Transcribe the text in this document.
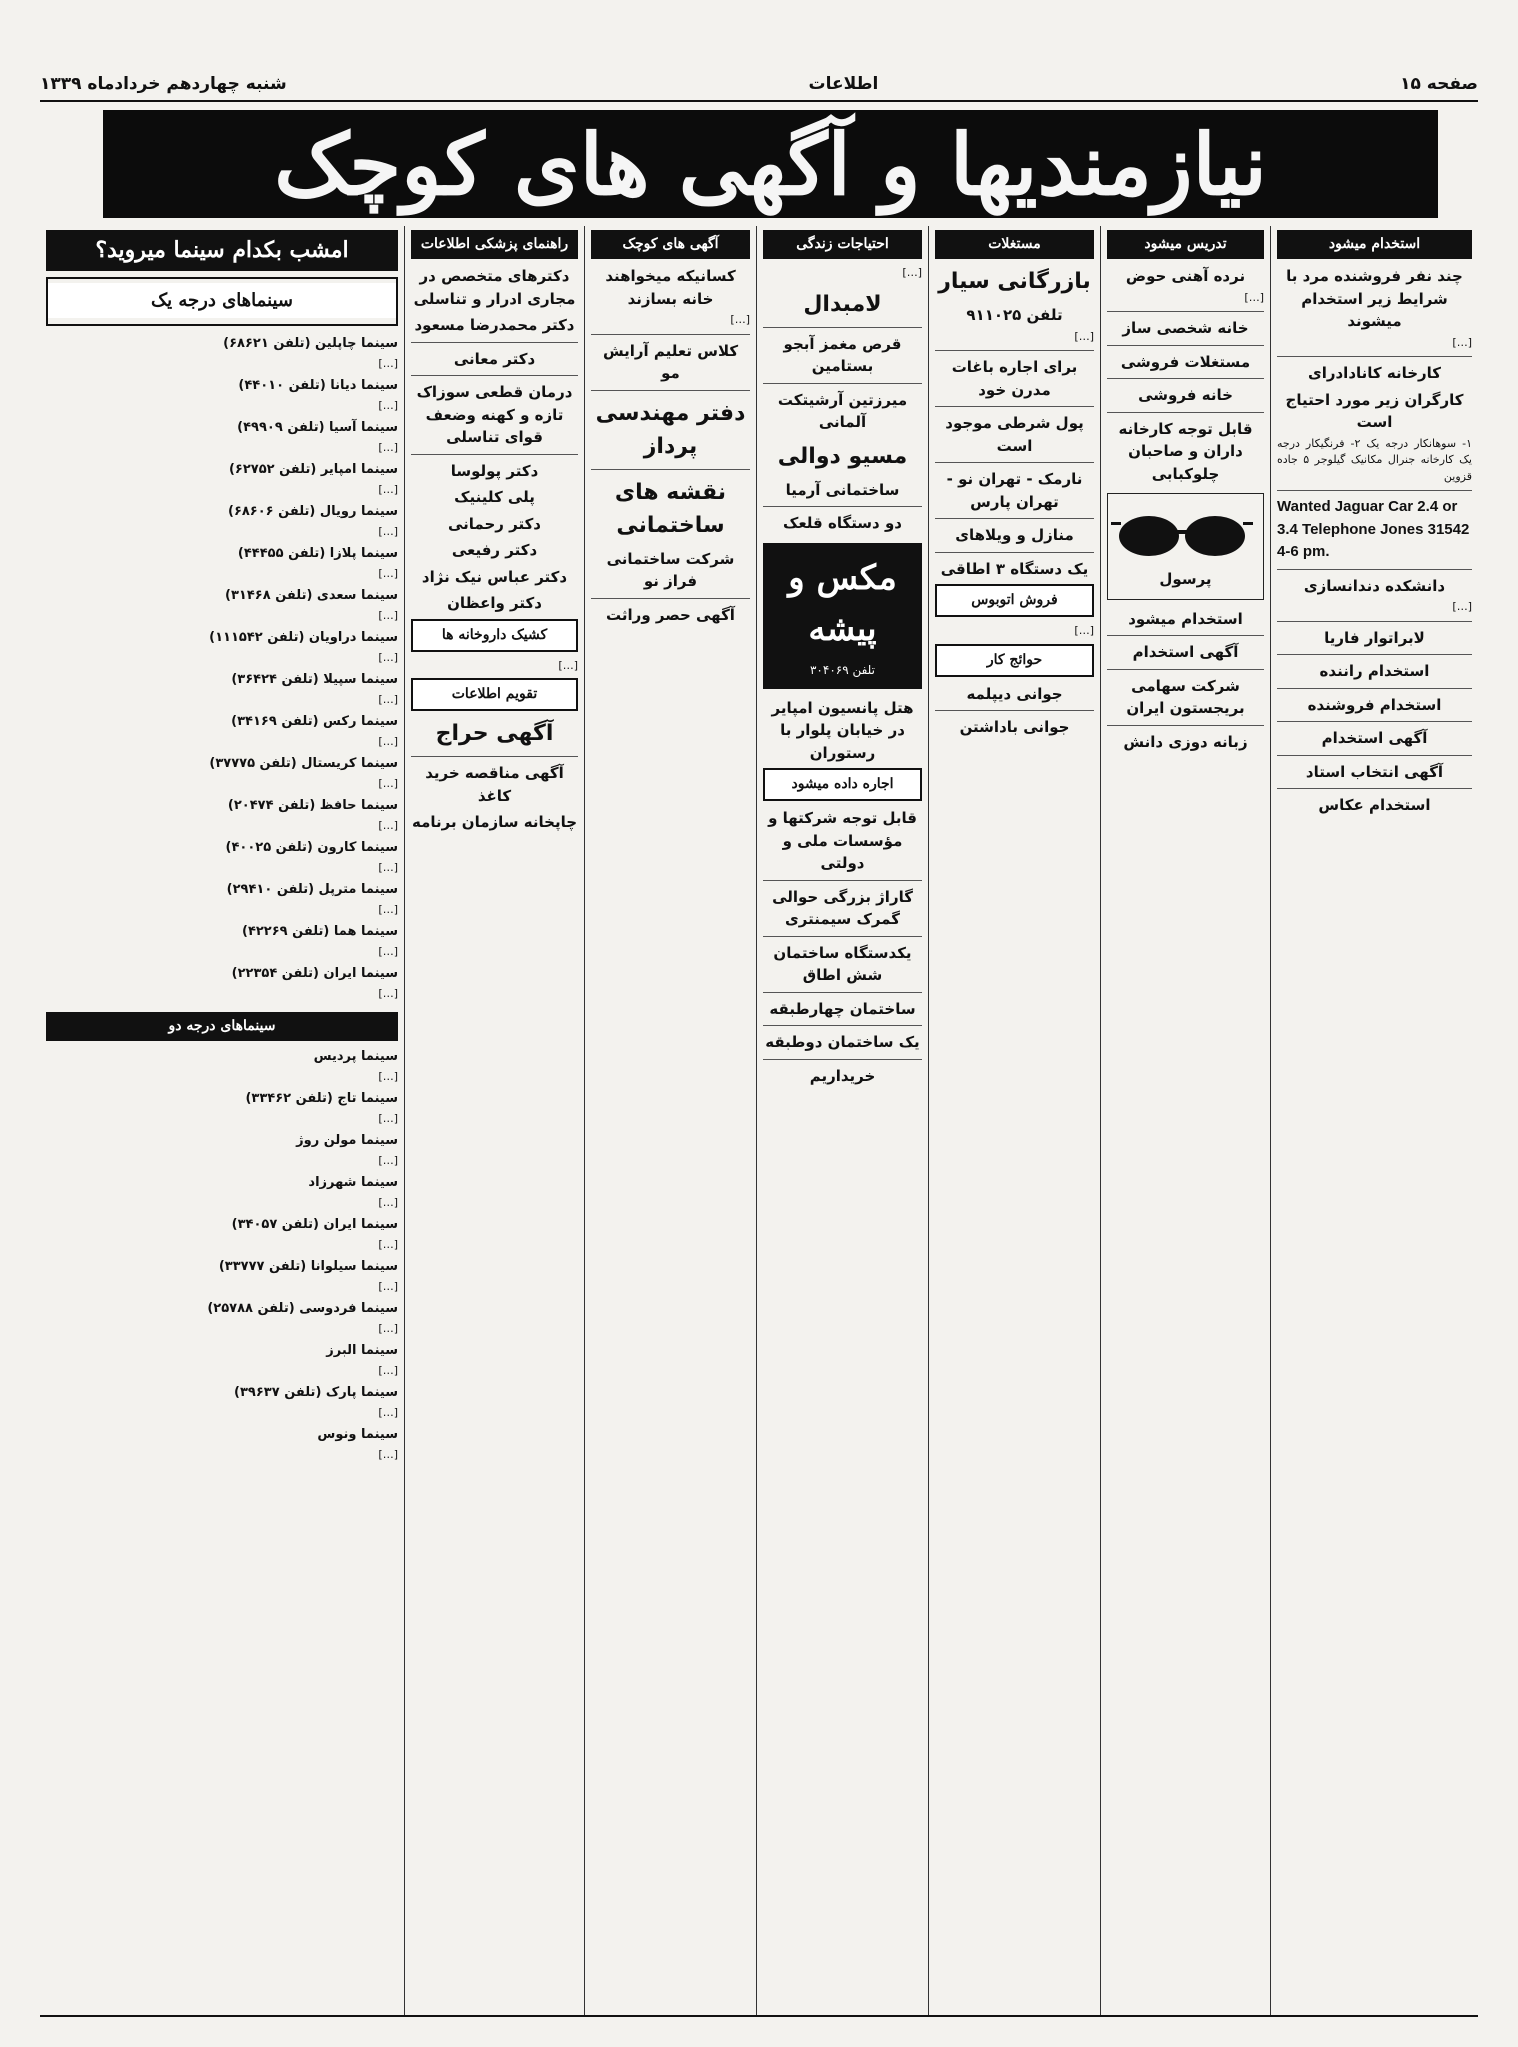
صفحه ۱۵
اطلاعات
شنبه چهاردهم خردادماه ۱۳۳۹
نیازمندیها و آگهی های کوچک
استخدام میشود
چند نفر فروشنده مرد با شرایط زیر استخدام میشوند
[…]
کارخانه کانادادرای
کارگران زیر مورد احتیاج است
۱- سوهانکار درجه یک ۲- فرنگیکار درجه یک کارخانه جنرال مکانیک گیلوجر ۵ جاده قزوین
Wanted Jaguar Car 2.4 or 3.4 Telephone Jones 31542 4-6 pm.
دانشکده دندانسازی
[…]
لابراتوار فاریا
استخدام راننده
استخدام فروشنده
آگهی استخدام
آگهی انتخاب استاد
استخدام عکاس
تدریس میشود
نرده آهنی حوض
[…]
خانه شخصی ساز
مستغلات فروشی
خانه فروشی
قابل توجه کارخانه داران و صاحبان چلوکبابی
پرسول
استخدام میشود
آگهی استخدام
شرکت سهامی بریجستون ایران
زبانه دوزی دانش
مستغلات
بازرگانی سیار
تلفن ۹۱۱۰۲۵
[…]
برای اجاره باغات مدرن خود
پول شرطی موجود است
نارمک - تهران نو - تهران پارس
منازل و ویلاهای
یک دستگاه ۳ اطاقی
فروش اتوبوس
[…]
حوائج کار
جوانی دیپلمه
جوانی باداشتن
احتیاجات زندگی
[…]
لامبدال
قرص مغمز آبجو بستامین
میرزتین آرشیتکت آلمانی
مسیو دوالی
ساختمانی آرمیا
دو دستگاه قلعک
مکس و پیشه
تلفن ۳۰۴۰۶۹
هتل پانسیون امپایر در خیابان پلوار با رستوران
اجاره داده میشود
قابل توجه شرکتها و مؤسسات ملی و دولتی
گاراژ بزرگی حوالی گمرک سیمنتری
یکدستگاه ساختمان شش اطاق
ساختمان چهارطبقه
یک ساختمان دوطبقه
خریداریم
آگهی های کوچک
کسانیکه میخواهند خانه بسازند
[…]
کلاس تعلیم آرایش مو
دفتر مهندسی پرداز
نقشه های ساختمانی
شرکت ساختمانی فراز نو
آگهی حصر وراثت
راهنمای پزشکی اطلاعات
دکترهای متخصص در مجاری ادرار و تناسلی
دکتر محمدرضا مسعود
دکتر معانی
درمان قطعی سوزاک تازه و کهنه وضعف قوای تناسلی
دکتر پولوسا
پلی کلینیک
دکتر رحمانی
دکتر رفیعی
دکتر عباس نیک نژاد
دکتر واعظان
کشیک داروخانه ها
[…]
تقویم اطلاعات
آگهی حراج
آگهی مناقصه خرید کاغذ
چاپخانه سازمان برنامه
امشب بکدام سینما میروید؟
سینماهای درجه یک
سینما چاپلین (تلفن ۶۸۶۲۱)
[…]
سینما دیانا (تلفن ۴۴۰۱۰)
[…]
سینما آسیا (تلفن ۴۹۹۰۹)
[…]
سینما امپایر (تلفن ۶۲۷۵۲)
[…]
سینما رویال (تلفن ۶۸۶۰۶)
[…]
سینما پلازا (تلفن ۴۴۴۵۵)
[…]
سینما سعدی (تلفن ۳۱۴۶۸)
[…]
سینما دراویان (تلفن ۱۱۱۵۴۲)
[…]
سینما سپیلا (تلفن ۳۶۴۲۴)
[…]
سینما رکس (تلفن ۳۴۱۶۹)
[…]
سینما کریستال (تلفن ۳۷۷۷۵)
[…]
سینما حافظ (تلفن ۲۰۴۷۴)
[…]
سینما کارون (تلفن ۴۰۰۲۵)
[…]
سینما مترپل (تلفن ۲۹۴۱۰)
[…]
سینما هما (تلفن ۴۲۲۶۹)
[…]
سینما ایران (تلفن ۲۲۳۵۴)
[…]
سینماهای درجه دو
سینما پردیس
[…]
سینما تاج (تلفن ۳۳۴۶۲)
[…]
سینما مولن روژ
[…]
سینما شهرزاد
[…]
سینما ایران (تلفن ۳۴۰۵۷)
[…]
سینما سیلوانا (تلفن ۳۳۷۷۷)
[…]
سینما فردوسی (تلفن ۲۵۷۸۸)
[…]
سینما البرز
[…]
سینما پارک (تلفن ۳۹۶۳۷)
[…]
سینما ونوس
[…]
